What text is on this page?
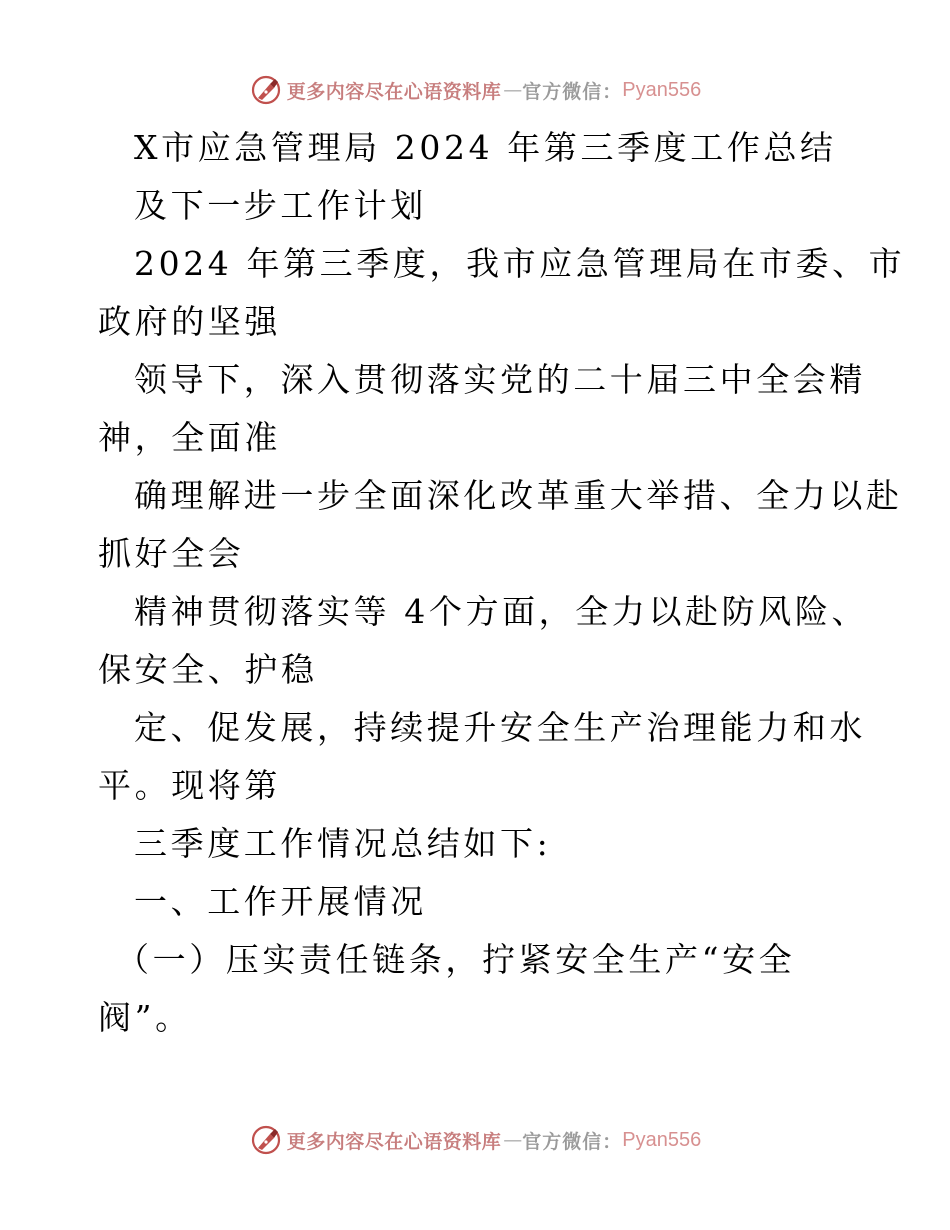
更多内容尽在心语资料库 — 官方微信： Pyan556
X市应急管理局 2024 年第三季度工作总结
及下一步工作计划
2024 年第三季度，我市应急管理局在市委、市
政府的坚强
领导下，深入贯彻落实党的二十届三中全会精
神，全面准
确理解进一步全面深化改革重大举措、全力以赴
抓好全会
精神贯彻落实等 4个方面，全力以赴防风险、
保安全、护稳
定、促发展，持续提升安全生产治理能力和水
平。现将第
三季度工作情况总结如下:
一、工作开展情况
（一）压实责任链条，拧紧安全生产“安全
阀”。
更多内容尽在心语资料库 — 官方微信： Pyan556
